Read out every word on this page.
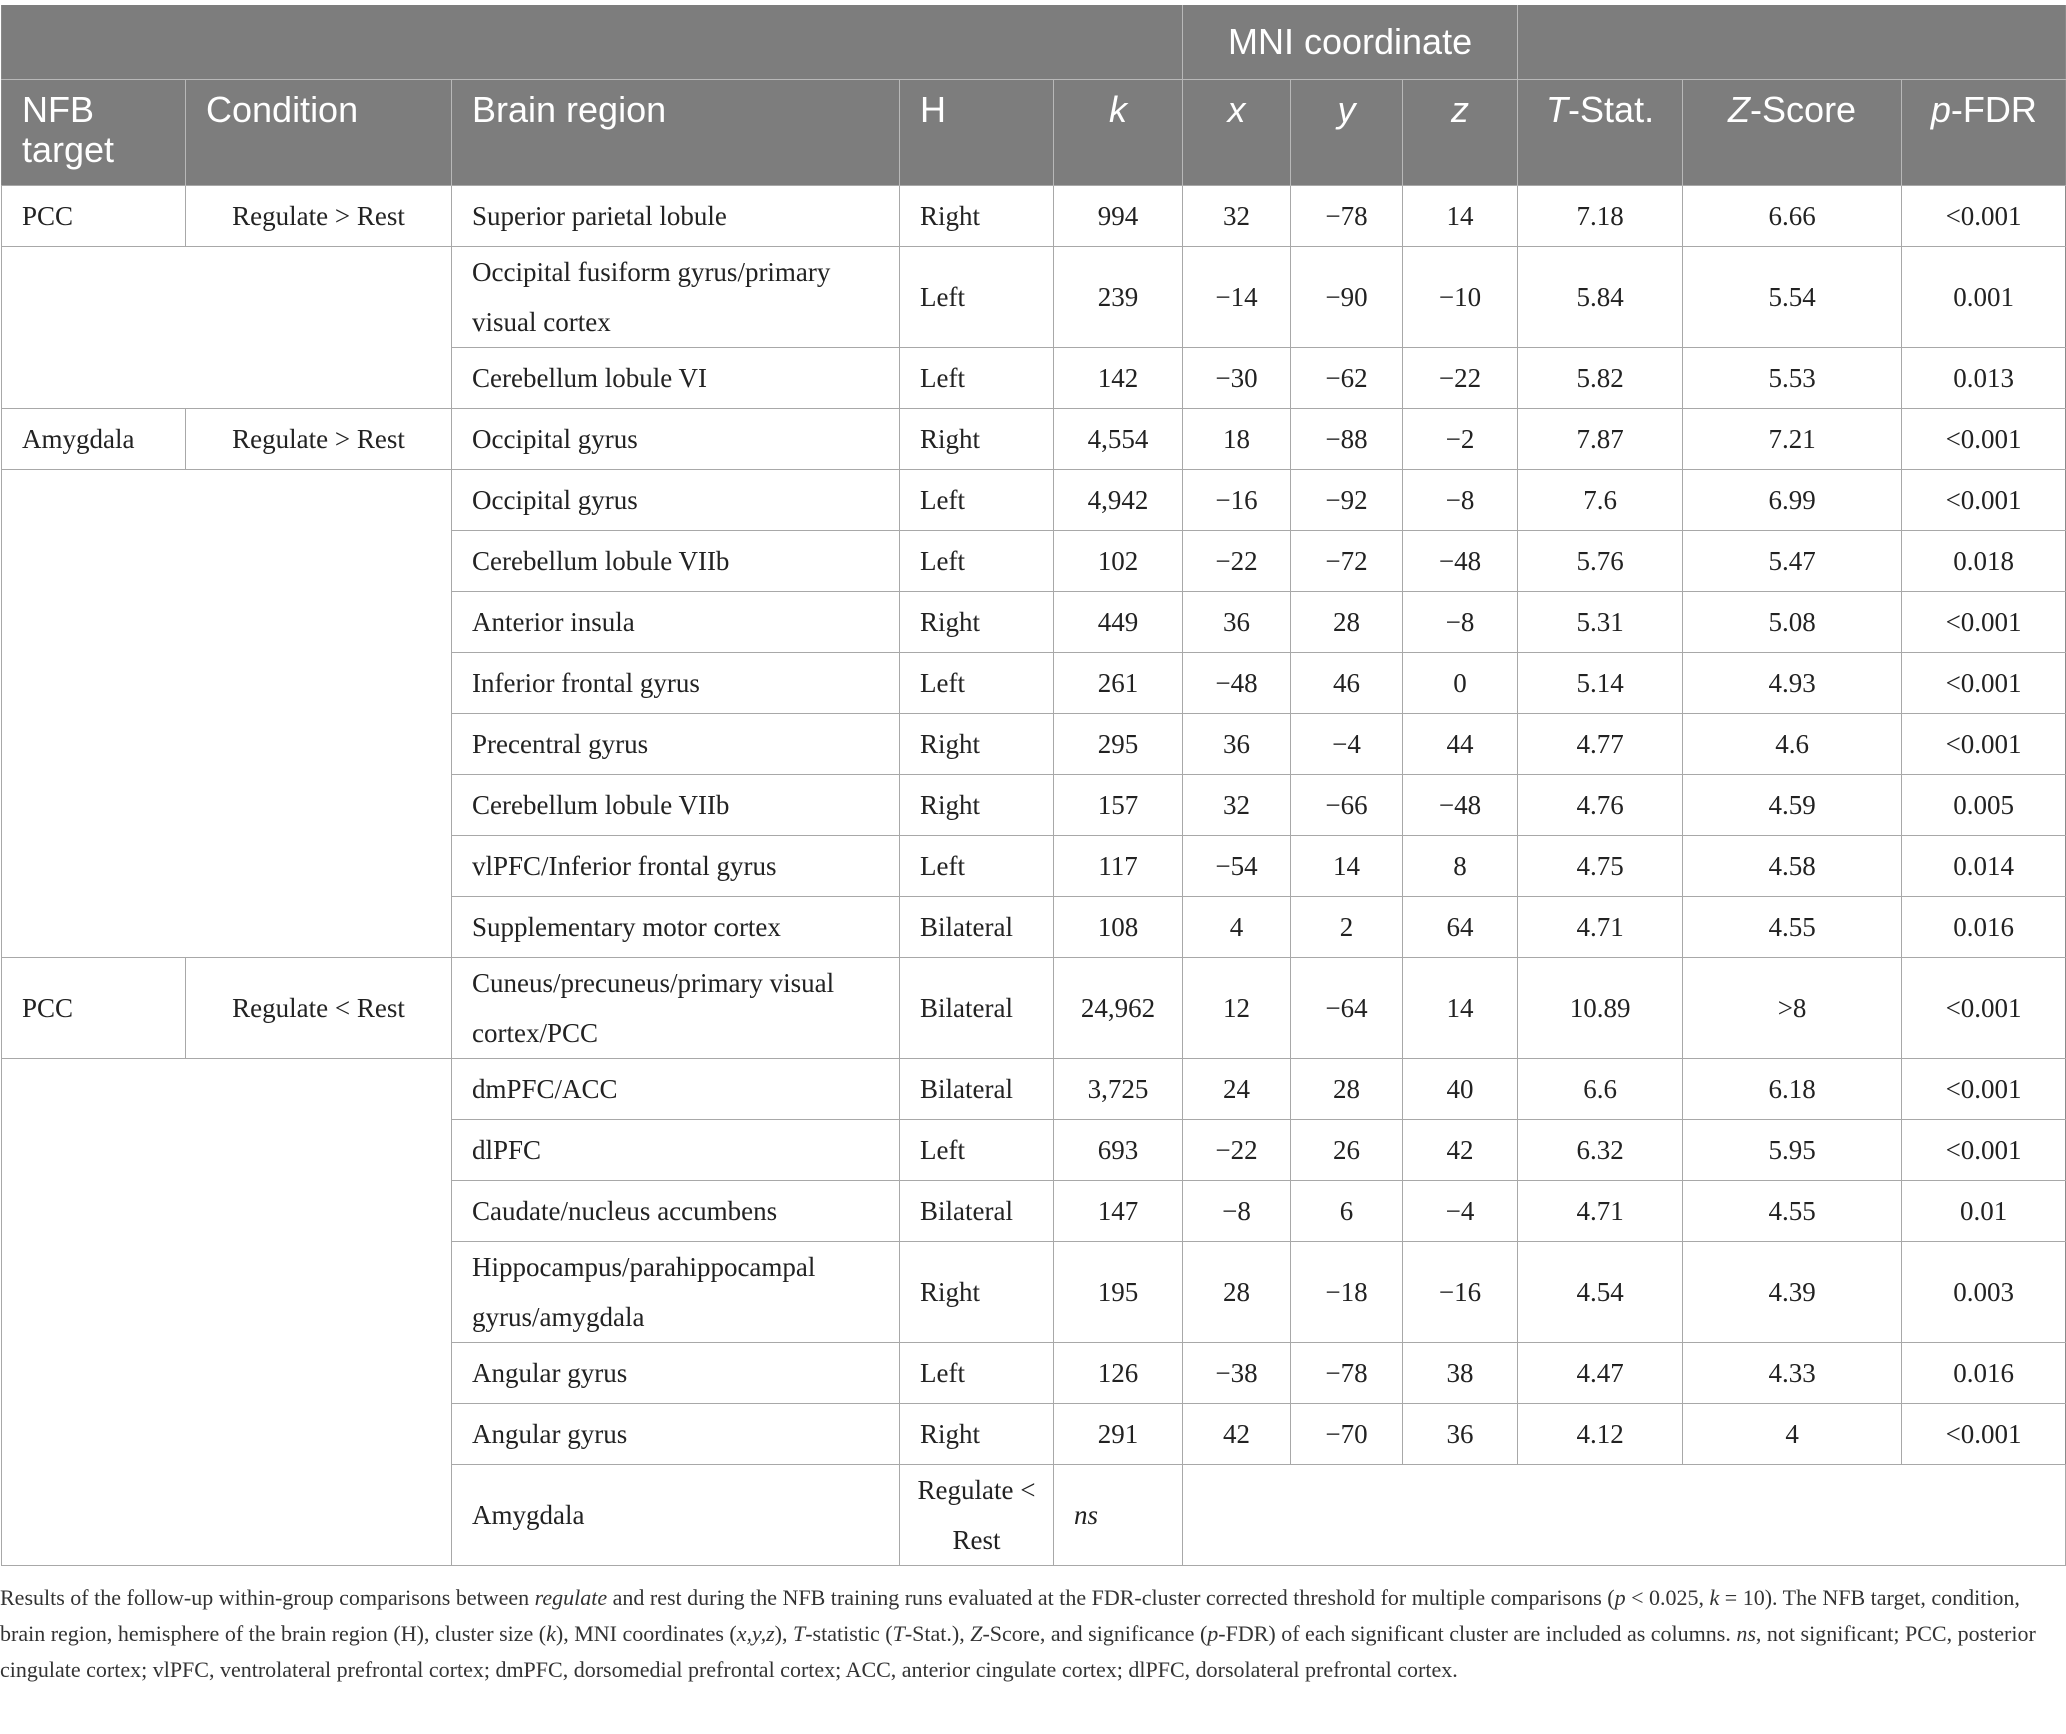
					MNI coordinate					
NFB target	Condition	Brain region	H	k	x	y	z	T-Stat.	Z-Score	p-FDR
PCC	Regulate > Rest	Superior parietal lobule	Right	994	32	−78	14	7.18	6.66	<0.001
		Occipital fusiform gyrus/primary visual cortex	Left	239	−14	−90	−10	5.84	5.54	0.001
		Cerebellum lobule VI	Left	142	−30	−62	−22	5.82	5.53	0.013
Amygdala	Regulate > Rest	Occipital gyrus	Right	4,554	18	−88	−2	7.87	7.21	<0.001
		Occipital gyrus	Left	4,942	−16	−92	−8	7.6	6.99	<0.001
		Cerebellum lobule VIIb	Left	102	−22	−72	−48	5.76	5.47	0.018
		Anterior insula	Right	449	36	28	−8	5.31	5.08	<0.001
		Inferior frontal gyrus	Left	261	−48	46	0	5.14	4.93	<0.001
		Precentral gyrus	Right	295	36	−4	44	4.77	4.6	<0.001
		Cerebellum lobule VIIb	Right	157	32	−66	−48	4.76	4.59	0.005
		vlPFC/Inferior frontal gyrus	Left	117	−54	14	8	4.75	4.58	0.014
		Supplementary motor cortex	Bilateral	108	4	2	64	4.71	4.55	0.016
PCC	Regulate < Rest	Cuneus/precuneus/primary visual cortex/PCC	Bilateral	24,962	12	−64	14	10.89	>8	<0.001
		dmPFC/ACC	Bilateral	3,725	24	28	40	6.6	6.18	<0.001
		dlPFC	Left	693	−22	26	42	6.32	5.95	<0.001
		Caudate/nucleus accumbens	Bilateral	147	−8	6	−4	4.71	4.55	0.01
		Hippocampus/parahippocampal gyrus/amygdala	Right	195	28	−18	−16	4.54	4.39	0.003
		Angular gyrus	Left	126	−38	−78	38	4.47	4.33	0.016
		Angular gyrus	Right	291	42	−70	36	4.12	4	<0.001
		Amygdala	Regulate < Rest	ns						
Results of the follow-up within-group comparisons between regulate and rest during the NFB training runs evaluated at the FDR-cluster corrected threshold for multiple comparisons (p < 0.025, k = 10). The NFB target, condition, brain region, hemisphere of the brain region (H), cluster size (k), MNI coordinates (x,y,z), T-statistic (T-Stat.), Z-Score, and significance (p-FDR) of each significant cluster are included as columns. ns, not significant; PCC, posterior cingulate cortex; vlPFC, ventrolateral prefrontal cortex; dmPFC, dorsomedial prefrontal cortex; ACC, anterior cingulate cortex; dlPFC, dorsolateral prefrontal cortex.
